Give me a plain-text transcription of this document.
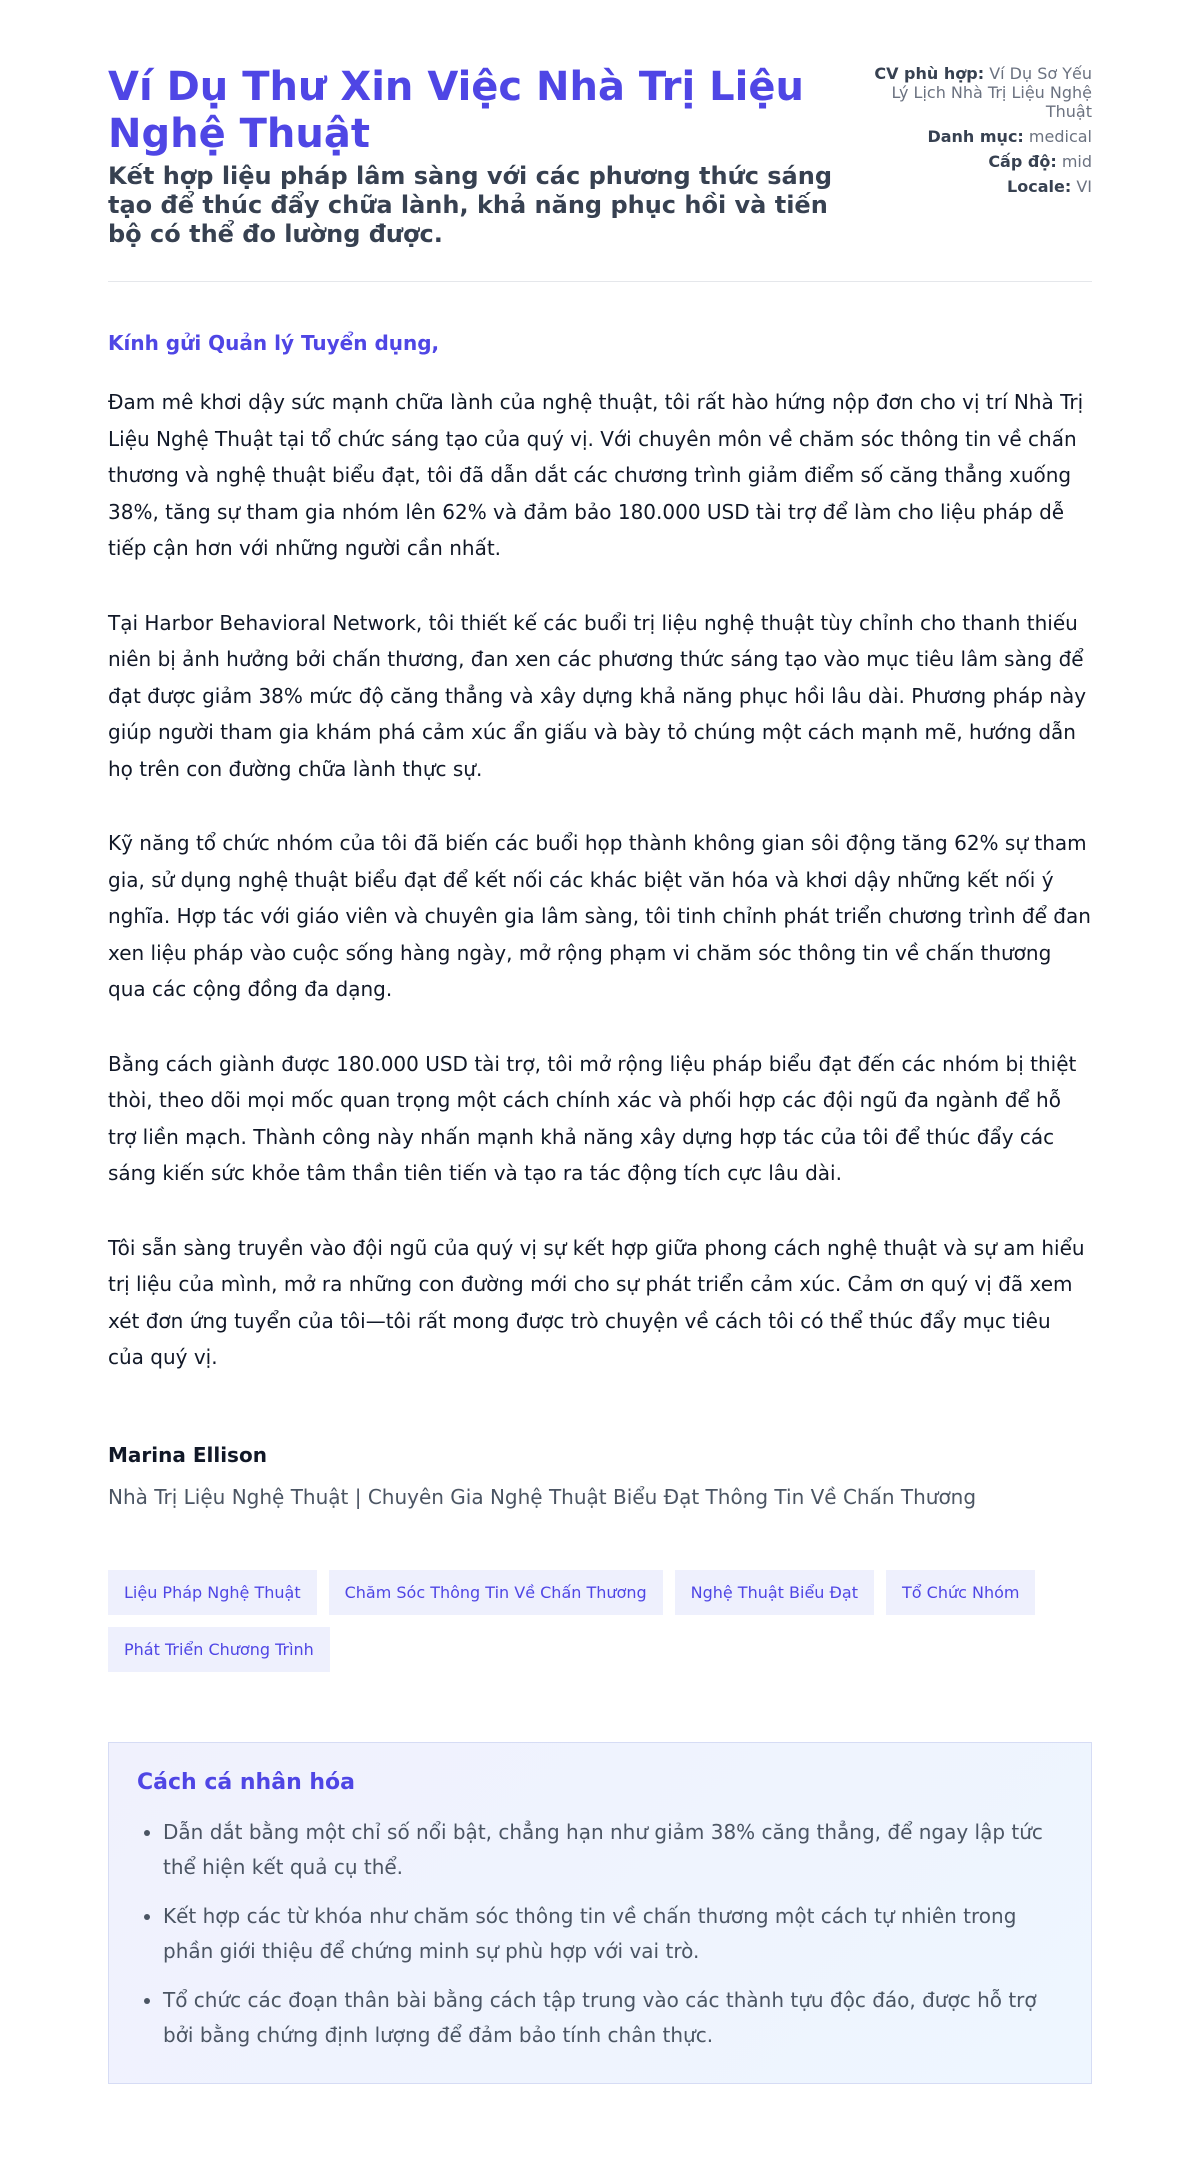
Ví Dụ Thư Xin Việc Nhà Trị Liệu Nghệ Thuật
Kết hợp liệu pháp lâm sàng với các phương thức sáng tạo để thúc đẩy chữa lành, khả năng phục hồi và tiến bộ có thể đo lường được.
CV phù hợp: Ví Dụ Sơ Yếu Lý Lịch Nhà Trị Liệu Nghệ Thuật
Danh mục: medical
Cấp độ: mid
Locale: VI
Kính gửi Quản lý Tuyển dụng,

Đam mê khơi dậy sức mạnh chữa lành của nghệ thuật, tôi rất hào hứng nộp đơn cho vị trí Nhà Trị Liệu Nghệ Thuật tại tổ chức sáng tạo của quý vị. Với chuyên môn về chăm sóc thông tin về chấn thương và nghệ thuật biểu đạt, tôi đã dẫn dắt các chương trình giảm điểm số căng thẳng xuống 38%, tăng sự tham gia nhóm lên 62% và đảm bảo 180.000 USD tài trợ để làm cho liệu pháp dễ tiếp cận hơn với những người cần nhất.

Tại Harbor Behavioral Network, tôi thiết kế các buổi trị liệu nghệ thuật tùy chỉnh cho thanh thiếu niên bị ảnh hưởng bởi chấn thương, đan xen các phương thức sáng tạo vào mục tiêu lâm sàng để đạt được giảm 38% mức độ căng thẳng và xây dựng khả năng phục hồi lâu dài. Phương pháp này giúp người tham gia khám phá cảm xúc ẩn giấu và bày tỏ chúng một cách mạnh mẽ, hướng dẫn họ trên con đường chữa lành thực sự.

Kỹ năng tổ chức nhóm của tôi đã biến các buổi họp thành không gian sôi động tăng 62% sự tham gia, sử dụng nghệ thuật biểu đạt để kết nối các khác biệt văn hóa và khơi dậy những kết nối ý nghĩa. Hợp tác với giáo viên và chuyên gia lâm sàng, tôi tinh chỉnh phát triển chương trình để đan xen liệu pháp vào cuộc sống hàng ngày, mở rộng phạm vi chăm sóc thông tin về chấn thương qua các cộng đồng đa dạng.

Bằng cách giành được 180.000 USD tài trợ, tôi mở rộng liệu pháp biểu đạt đến các nhóm bị thiệt thòi, theo dõi mọi mốc quan trọng một cách chính xác và phối hợp các đội ngũ đa ngành để hỗ trợ liền mạch. Thành công này nhấn mạnh khả năng xây dựng hợp tác của tôi để thúc đẩy các sáng kiến sức khỏe tâm thần tiên tiến và tạo ra tác động tích cực lâu dài.

Tôi sẵn sàng truyền vào đội ngũ của quý vị sự kết hợp giữa phong cách nghệ thuật và sự am hiểu trị liệu của mình, mở ra những con đường mới cho sự phát triển cảm xúc. Cảm ơn quý vị đã xem xét đơn ứng tuyển của tôi—tôi rất mong được trò chuyện về cách tôi có thể thúc đẩy mục tiêu của quý vị.

Marina Ellison
Nhà Trị Liệu Nghệ Thuật | Chuyên Gia Nghệ Thuật Biểu Đạt Thông Tin Về Chấn Thương
Liệu Pháp Nghệ Thuật	Chăm Sóc Thông Tin Về Chấn Thương	Nghệ Thuật Biểu Đạt	Tổ Chức Nhóm
Phát Triển Chương Trình
Cách cá nhân hóa
• Dẫn dắt bằng một chỉ số nổi bật, chẳng hạn như giảm 38% căng thẳng, để ngay lập tức thể hiện kết quả cụ thể.
• Kết hợp các từ khóa như chăm sóc thông tin về chấn thương một cách tự nhiên trong phần giới thiệu để chứng minh sự phù hợp với vai trò.
• Tổ chức các đoạn thân bài bằng cách tập trung vào các thành tựu độc đáo, được hỗ trợ bởi bằng chứng định lượng để đảm bảo tính chân thực.
